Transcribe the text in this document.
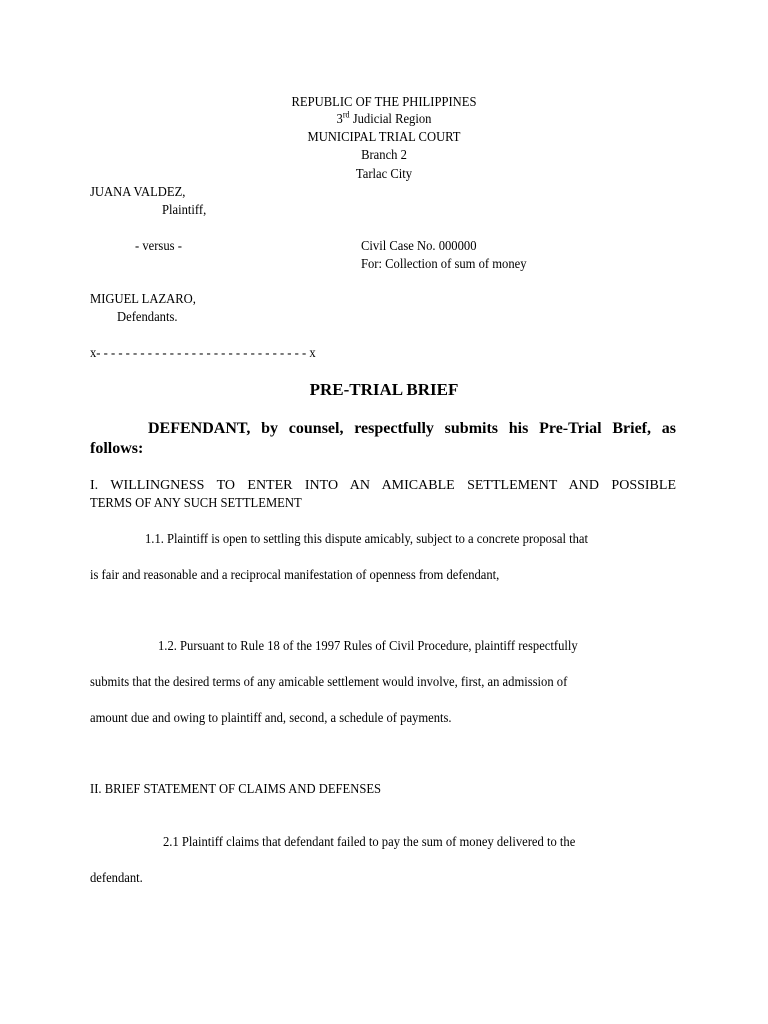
REPUBLIC OF THE PHILIPPINES
3rd Judicial Region
MUNICIPAL TRIAL COURT
Branch 2
Tarlac City
JUANA VALDEZ,
Plaintiff,
- versus -	Civil Case No. 000000
For: Collection of sum of money
MIGUEL LAZARO,
Defendants.
x- - - - - - - - - - - - - - - - - - - - - - - - - - - - - x
PRE-TRIAL BRIEF
DEFENDANT, by counsel, respectfully submits his Pre-Trial Brief, as
follows:
I. WILLINGNESS TO ENTER INTO AN AMICABLE SETTLEMENT AND POSSIBLE
TERMS OF ANY SUCH SETTLEMENT
1.1. Plaintiff is open to settling this dispute amicably, subject to a concrete proposal that
is fair and reasonable and a reciprocal manifestation of openness from defendant,
1.2. Pursuant to Rule 18 of the 1997 Rules of Civil Procedure, plaintiff respectfully
submits that the desired terms of any amicable settlement would involve, first, an admission of
amount due and owing to plaintiff and, second, a schedule of payments.
II. BRIEF STATEMENT OF CLAIMS AND DEFENSES
2.1 Plaintiff claims that defendant failed to pay the sum of money delivered to the
defendant.
